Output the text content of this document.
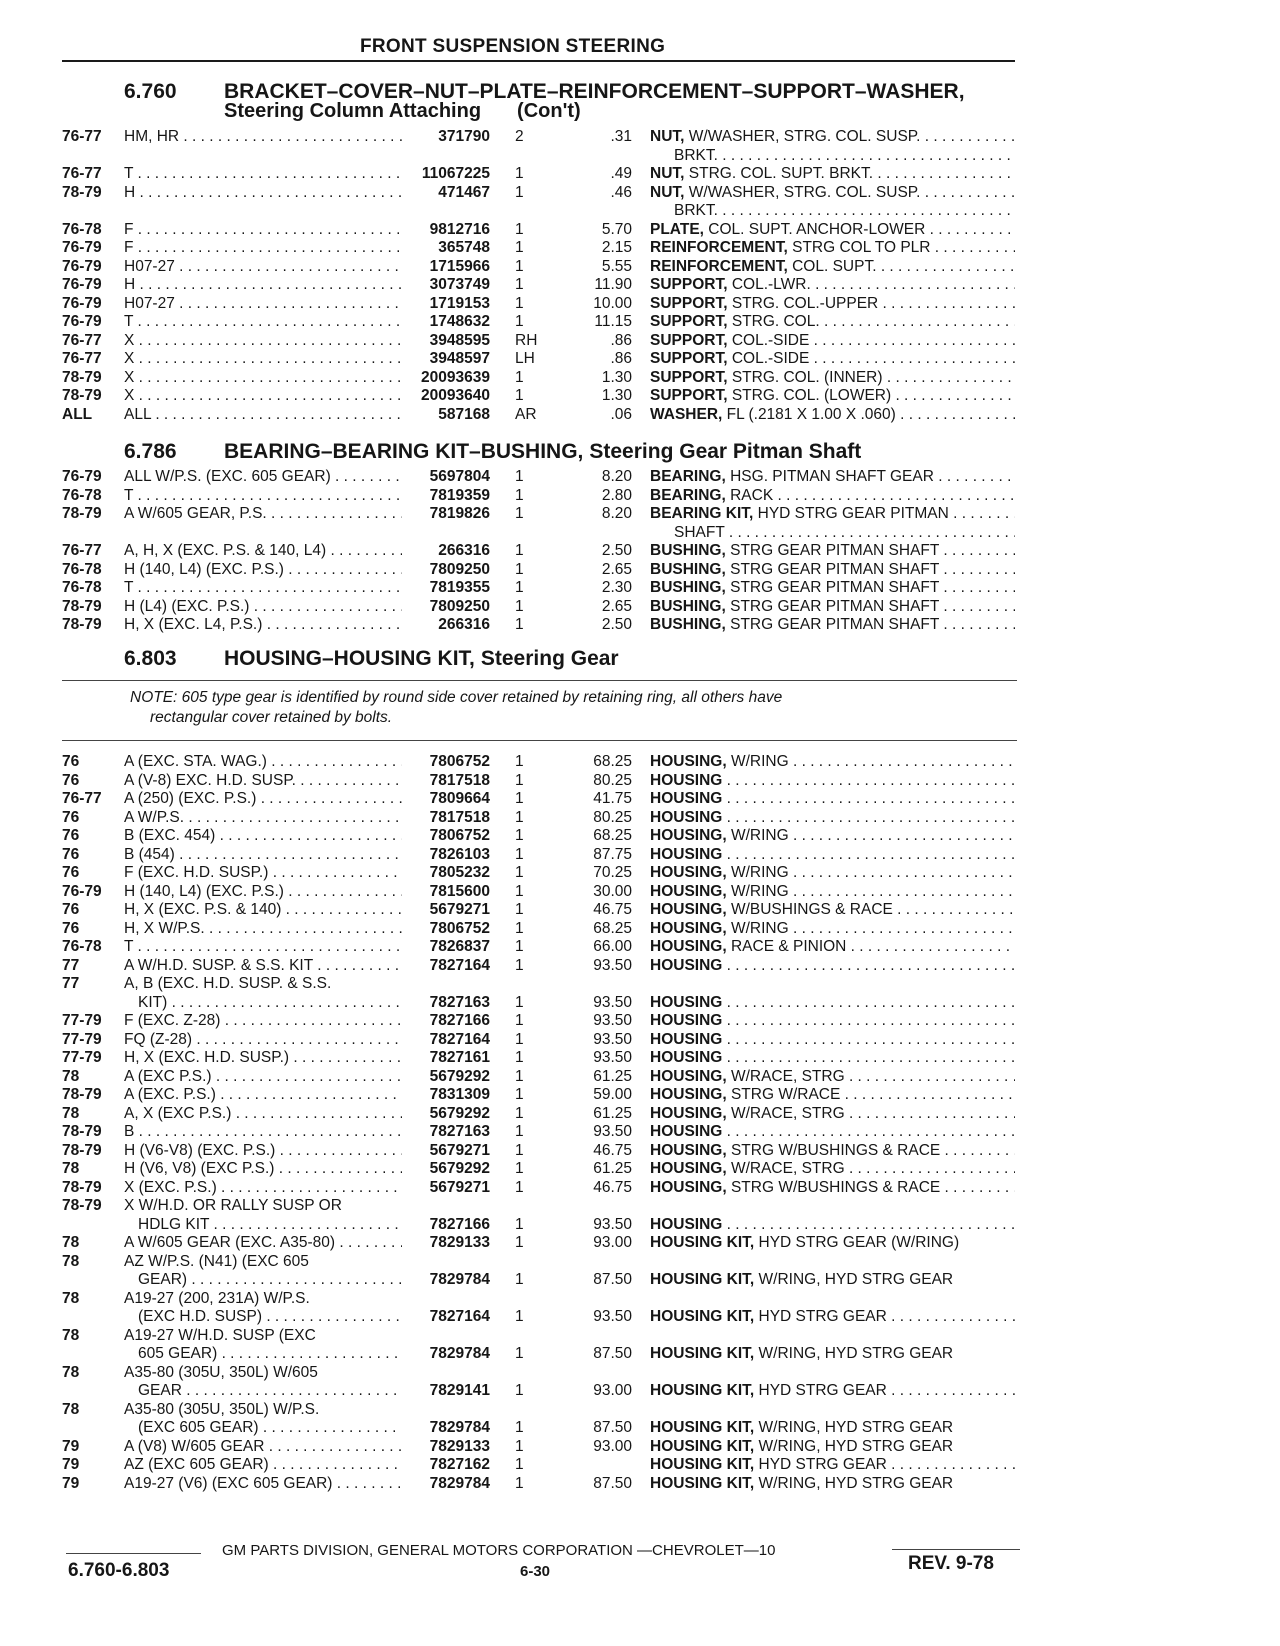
FRONT SUSPENSION STEERING
6.760 BRACKET–COVER–NUT–PLATE–REINFORCEMENT–SUPPORT–WASHER,
Steering Column Attaching (Con't)
76-77 HM, HR . . .	371790 2	.31 NUT, W/WASHER, STRG. COL. SUSP. . . .
BRKT. . . .
76-77 T . . .	11067225 1	.49 NUT, STRG. COL. SUPT. BRKT. . . .
78-79 H . . .	471467 1	.46 NUT, W/WASHER, STRG. COL. SUSP. . . .
BRKT. . . .
76-78 F . . .	9812716 1	5.70 PLATE, COL. SUPT. ANCHOR-LOWER . . .
76-79 F . . .	365748 1	2.15 REINFORCEMENT, STRG COL TO PLR . . .
76-79 H07-27 . . .	1715966 1	5.55 REINFORCEMENT, COL. SUPT. . . .
76-79 H . . .	3073749 1	11.90 SUPPORT, COL.-LWR. . . .
76-79 H07-27 . . .	1719153 1	10.00 SUPPORT, STRG. COL.-UPPER . . .
76-79 T . . .	1748632 1	11.15 SUPPORT, STRG. COL. . . .
76-77 X . . .	3948595 RH	.86 SUPPORT, COL.-SIDE . . .
76-77 X . . .	3948597 LH	.86 SUPPORT, COL.-SIDE . . .
78-79 X . . .	20093639 1	1.30 SUPPORT, STRG. COL. (INNER) . . .
78-79 X . . .	20093640 1	1.30 SUPPORT, STRG. COL. (LOWER) . . .
ALL ALL . . .	587168 AR	.06 WASHER, FL (.2181 X 1.00 X .060) . . .
6.786 BEARING–BEARING KIT–BUSHING, Steering Gear Pitman Shaft
76-79 ALL W/P.S. (EXC. 605 GEAR) . . .	5697804 1	8.20 BEARING, HSG. PITMAN SHAFT GEAR . . .
76-78 T . . .	7819359 1	2.80 BEARING, RACK . . .
78-79 A W/605 GEAR, P.S. . . .	7819826 1	8.20 BEARING KIT, HYD STRG GEAR PITMAN . . .
SHAFT . . .
76-77 A, H, X (EXC. P.S. & 140, L4) . . .	266316 1	2.50 BUSHING, STRG GEAR PITMAN SHAFT . . .
76-78 H (140, L4) (EXC. P.S.) . . .	7809250 1	2.65 BUSHING, STRG GEAR PITMAN SHAFT . . .
76-78 T . . .	7819355 1	2.30 BUSHING, STRG GEAR PITMAN SHAFT . . .
78-79 H (L4) (EXC. P.S.) . . .	7809250 1	2.65 BUSHING, STRG GEAR PITMAN SHAFT . . .
78-79 H, X (EXC. L4, P.S.) . . .	266316 1	2.50 BUSHING, STRG GEAR PITMAN SHAFT . . .
6.803 HOUSING–HOUSING KIT, Steering Gear
NOTE: 605 type gear is identified by round side cover retained by retaining ring, all others have
rectangular cover retained by bolts.
76	A (EXC. STA. WAG.) . . .	7806752 1	68.25 HOUSING, W/RING . . .
76	A (V-8) EXC. H.D. SUSP. . . .	7817518 1	80.25 HOUSING . . .
76-77 A (250) (EXC. P.S.) . . .	7809664 1	41.75 HOUSING . . .
76	A W/P.S. . . .	7817518 1	80.25 HOUSING . . .
76	B (EXC. 454) . . .	7806752 1	68.25 HOUSING, W/RING . . .
76	B (454) . . .	7826103 1	87.75 HOUSING . . .
76	F (EXC. H.D. SUSP.) . . .	7805232 1	70.25 HOUSING, W/RING . . .
76-79 H (140, L4) (EXC. P.S.) . . .	7815600 1	30.00 HOUSING, W/RING . . .
76	H, X (EXC. P.S. & 140) . . .	5679271 1	46.75 HOUSING, W/BUSHINGS & RACE . . .
76	H, X W/P.S. . . .	7806752 1	68.25 HOUSING, W/RING . . .
76-78 T . . .	7826837 1	66.00 HOUSING, RACE & PINION . . .
77	A W/H.D. SUSP. & S.S. KIT . . .	7827164 1	93.50 HOUSING . . .
77	A, B (EXC. H.D. SUSP. & S.S.
KIT) . . .	7827163 1	93.50 HOUSING . . .
77-79 F (EXC. Z-28) . . .	7827166 1	93.50 HOUSING . . .
77-79 FQ (Z-28) . . .	7827164 1	93.50 HOUSING . . .
77-79 H, X (EXC. H.D. SUSP.) . . .	7827161 1	93.50 HOUSING . . .
78	A (EXC P.S.) . . .	5679292 1	61.25 HOUSING, W/RACE, STRG . . .
78-79 A (EXC. P.S.) . . .	7831309 1	59.00 HOUSING, STRG W/RACE . . .
78	A, X (EXC P.S.) . . .	5679292 1	61.25 HOUSING, W/RACE, STRG . . .
78-79 B . . .	7827163 1	93.50 HOUSING . . .
78-79 H (V6-V8) (EXC. P.S.) . . .	5679271 1	46.75 HOUSING, STRG W/BUSHINGS & RACE . . .
78	H (V6, V8) (EXC P.S.) . . .	5679292 1	61.25 HOUSING, W/RACE, STRG . . .
78-79 X (EXC. P.S.) . . .	5679271 1	46.75 HOUSING, STRG W/BUSHINGS & RACE . . .
78-79 X W/H.D. OR RALLY SUSP OR
HDLG KIT . . .	7827166 1	93.50 HOUSING . . .
78	A W/605 GEAR (EXC. A35-80) . . .	7829133 1	93.00 HOUSING KIT, HYD STRG GEAR (W/RING)
78	AZ W/P.S. (N41) (EXC 605
GEAR) . . .	7829784 1	87.50 HOUSING KIT, W/RING, HYD STRG GEAR
78	A19-27 (200, 231A) W/P.S.
(EXC H.D. SUSP) . . .	7827164 1	93.50 HOUSING KIT, HYD STRG GEAR . . .
78	A19-27 W/H.D. SUSP (EXC
605 GEAR) . . .	7829784 1	87.50 HOUSING KIT, W/RING, HYD STRG GEAR
78	A35-80 (305U, 350L) W/605
GEAR . . .	7829141 1	93.00 HOUSING KIT, HYD STRG GEAR . . .
78	A35-80 (305U, 350L) W/P.S.
(EXC 605 GEAR) . . .	7829784 1	87.50 HOUSING KIT, W/RING, HYD STRG GEAR
79	A (V8) W/605 GEAR . . .	7829133 1	93.00 HOUSING KIT, W/RING, HYD STRG GEAR
79	AZ (EXC 605 GEAR) . . .	7827162 1	HOUSING KIT, HYD STRG GEAR . . .
79	A19-27 (V6) (EXC 605 GEAR) . . .	7829784 1	87.50 HOUSING KIT, W/RING, HYD STRG GEAR
GM PARTS DIVISION, GENERAL MOTORS CORPORATION —CHEVROLET—10
6.760-6.803	6-30	REV. 9-78
